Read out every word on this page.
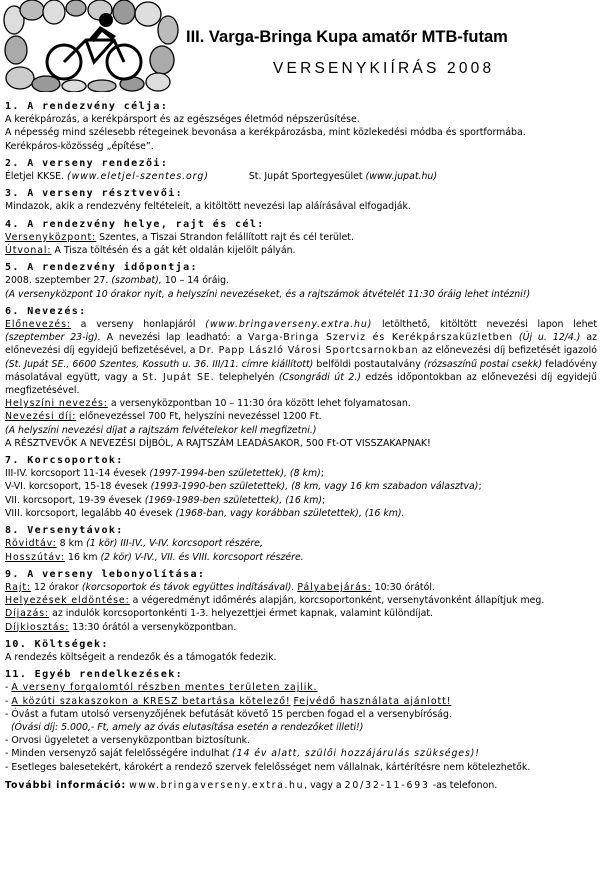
III. Varga-Bringa Kupa amatőr MTB-futam
VERSENYKIÍRÁS 2008
1. A rendezvény célja:
A kerékpározás, a kerékpársport és az egészséges életmód népszerűsítése.
A népesség mind szélesebb rétegeinek bevonása a kerékpározásba, mint közlekedési módba és sportformába.
Kerékpáros-közösség „építése”.
2. A verseny rendezői:
Életjel KKSE. (www.eletjel-szentes.org)	St. Jupát Sportegyesület (www.jupat.hu)
3. A verseny résztvevői:
Mindazok, akik a rendezvény feltételeit, a kitöltött nevezési lap aláírásával elfogadják.
4. A rendezvény helye, rajt és cél:
Versenyközpont: Szentes, a Tiszai Strandon felállított rajt és cél terület.
Útvonal: A Tisza töltésén és a gát két oldalán kijelölt pályán.
5. A rendezvény időpontja:
2008. szeptember 27. (szombat), 10 – 14 óráig.
(A versenyközpont 10 órakor nyit, a helyszíni nevezéseket, és a rajtszámok átvételét 11:30 óráig lehet intézni!)
6. Nevezés:
Előnevezés: a verseny honlapjáról (www.bringaverseny.extra.hu) letölthető, kitöltött nevezési lapon lehet (szeptember 23-ig). A nevezési lap leadható: a Varga-Bringa Szerviz és Kerékpárszaküzletben (Új u. 12/4.) az előnevezési díj egyidejű befizetésével, a Dr. Papp László Városi Sportcsarnokban az előnevezési díj befizetését igazoló (St. Jupát SE., 6600 Szentes, Kossuth u. 36. III/11. címre kiállított) belföldi postautalvány (rózsaszínű postai csekk) feladóvény másolatával együtt, vagy a St. Jupát SE. telephelyén (Csongrádi út 2.) edzés időpontokban az előnevezési díj egyidejű megfizetésével.
Helyszíni nevezés: a versenyközpontban 10 – 11:30 óra között lehet folyamatosan.
Nevezési díj: előnevezéssel 700 Ft, helyszíni nevezéssel 1200 Ft.
(A helyszíni nevezési díjat a rajtszám felvételekor kell megfizetni.)
A RÉSZTVEVŐK A NEVEZÉSI DÍJBÓL, A RAJTSZÁM LEADÁSAKOR, 500 Ft-OT VISSZAKAPNAK!
7. Korcsoportok:
III-IV. korcsoport 11-14 évesek (1997-1994-ben születettek), (8 km);
V-VI. korcsoport, 15-18 évesek (1993-1990-ben születettek), (8 km, vagy 16 km szabadon választva);
VII. korcsoport, 19-39 évesek (1969-1989-ben születettek), (16 km);
VIII. korcsoport, legalább 40 évesek (1968-ban, vagy korábban születettek), (16 km).
8. Versenytávok:
Rövidtáv: 8 km (1 kör) III-IV., V-IV. korcsoport részére,
Hosszútáv: 16 km (2 kör) V-IV., VII. és VIII. korcsoport részére.
9. A verseny lebonyolítása:
Rajt: 12 órakor (korcsoportok és távok együttes indításával). Pályabejárás: 10:30 órától.
Helyezések eldöntése: a végeredményt időmérés alapján, korcsoportonként, versenytávonként állapítjuk meg.
Díjazás: az indulók korcsoportonkénti 1-3. helyezettjei érmet kapnak, valamint különdíjat.
Díjkiosztás: 13:30 órától a versenyközpontban.
10. Költségek:
A rendezés költségeit a rendezők és a támogatók fedezik.
11. Egyéb rendelkezések:
- A verseny forgalomtól részben mentes területen zajlik.
- A közúti szakaszokon a KRESZ betartása kötelező! Fejvédő használata ajánlott!
- Óvást a futam utolsó versenyzőjének befutását követő 15 percben fogad el a versenybíróság.
(Óvási díj: 5.000,- Ft, amely az óvás elutasítása esetén a rendezőket illeti!)
- Orvosi ügyeletet a versenyközpontban biztosítunk.
- Minden versenyző saját felelősségére indulhat (14 év alatt, szülői hozzájárulás szükséges)!
- Esetleges balesetekért, károkért a rendező szervek felelősséget nem vállalnak, kártérítésre nem kötelezhetők.
További információ: www.bringaverseny.extra.hu, vagy a 20/32-11-693 -as telefonon.
